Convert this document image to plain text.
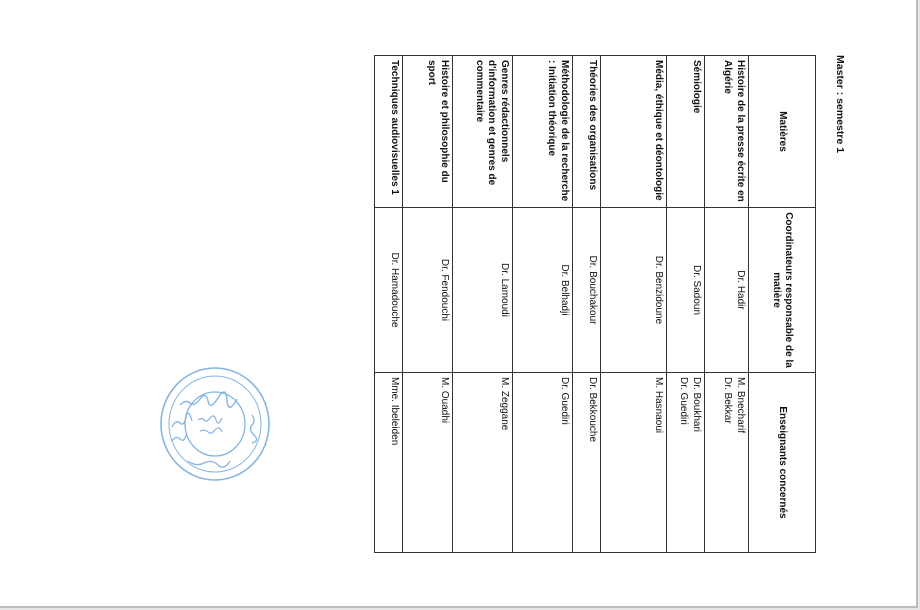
Master : semestre 1
Matières	Coordinateurs responsable de la matière	Enseignants concernés
Histoire de la presse écrite en Algérie	Dr. Hadir	M. Bnecharif
Dr. Bekkar

Sémiologie	Dr. Sadoun	Dr. Boukhari
Dr. Guediri

Média, éthique et déontologie	Dr. Benzidoune	M. Hasnaoui

Théories des organisations	Dr. Bouchakour	Dr. Bekkouche

Méthodologie de la recherche : Initiation théorique	Dr. Belhadji	Dr. Guediri

Genres rédactionnels d'information et genres de commentaire	Dr. Lamoudi	M. Zeggane

Histoire et philosophie du sport	Dr. Fendouchi	M. Ouadhi

Techniques audiovisuelles 1	Dr. Hamadouche	Mme. Ibeleiden
